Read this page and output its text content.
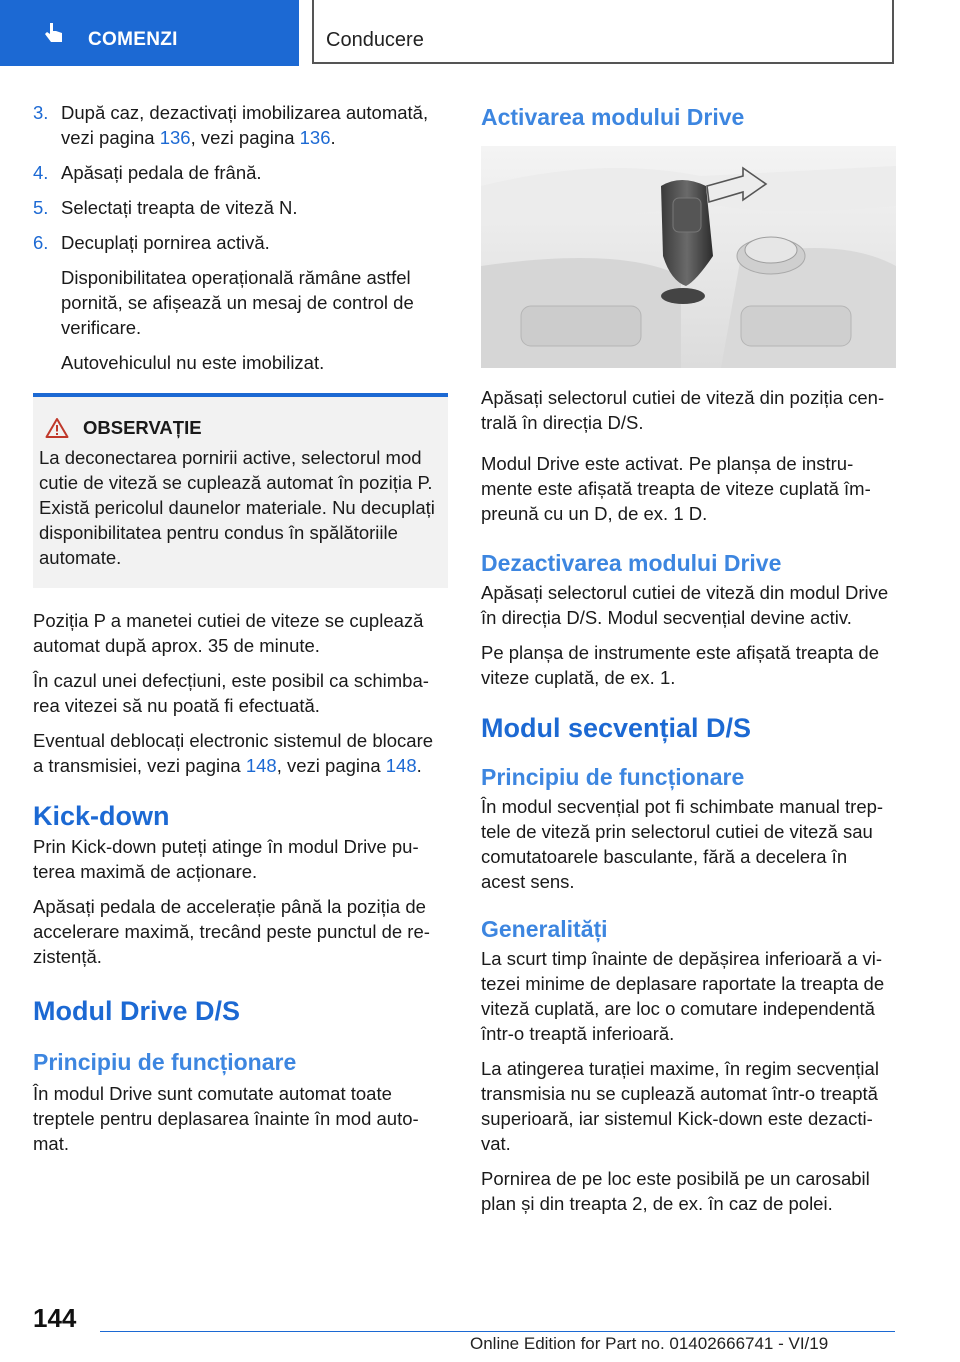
COMENZI	Conducere
3. După caz, dezactivați imobilizarea automată, vezi pagina 136, vezi pagina 136.
4. Apăsați pedala de frână.
5. Selectați treapta de viteză N.
6. Decuplați pornirea activă.

Disponibilitatea operațională rămâne astfel pornită, se afișează un mesaj de control de verificare.

Autovehiculul nu este imobilizat.

OBSERVAȚIE

La deconectarea pornirii active, selectorul mod cutie de viteză se cuplează automat în poziția P. Există pericolul daunelor materiale. Nu decuplați disponibilitatea pentru condus în spălătoriile automate.

Poziția P a manetei cutiei de viteze se cuplează automat după aprox. 35 de minute.

În cazul unei defecțiuni, este posibil ca schimbarea vitezei să nu poată fi efectuată.

Eventual deblocați electronic sistemul de blocare a transmisiei, vezi pagina 148, vezi pagina 148.

Kick-down

Prin Kick-down puteți atinge în modul Drive puterea maximă de acționare.

Apăsați pedala de accelerație până la poziția de accelerare maximă, trecând peste punctul de rezistență.

Modul Drive D/S
Principiu de funcționare

În modul Drive sunt comutate automat toate treptele pentru deplasarea înainte în mod automat.

Activarea modului Drive

Apăsați selectorul cutiei de viteză din poziția centrală în direcția D/S.

Modul Drive este activat. Pe planșa de instrumente este afișată treapta de viteze cuplată împreună cu un D, de ex. 1 D.

Dezactivarea modului Drive

Apăsați selectorul cutiei de viteză din modul Drive în direcția D/S. Modul secvențial devine activ.

Pe planșa de instrumente este afișată treapta de viteze cuplată, de ex. 1.

Modul secvențial D/S
Principiu de funcționare

În modul secvențial pot fi schimbate manual treptele de viteză prin selectorul cutiei de viteză sau comutatoarele basculante, fără a decelera în acest sens.

Generalități

La scurt timp înainte de depășirea inferioară a vitezei minime de deplasare raportate la treapta de viteză cuplată, are loc o comutare independentă într-o treaptă inferioară.

La atingerea turației maxime, în regim secvențial transmisia nu se cuplează automat într-o treaptă superioară, iar sistemul Kick-down este dezactivat.

Pornirea de pe loc este posibilă pe un carosabil plan și din treapta 2, de ex. în caz de polei.

144
Online Edition for Part no. 01402666741 - VI/19
